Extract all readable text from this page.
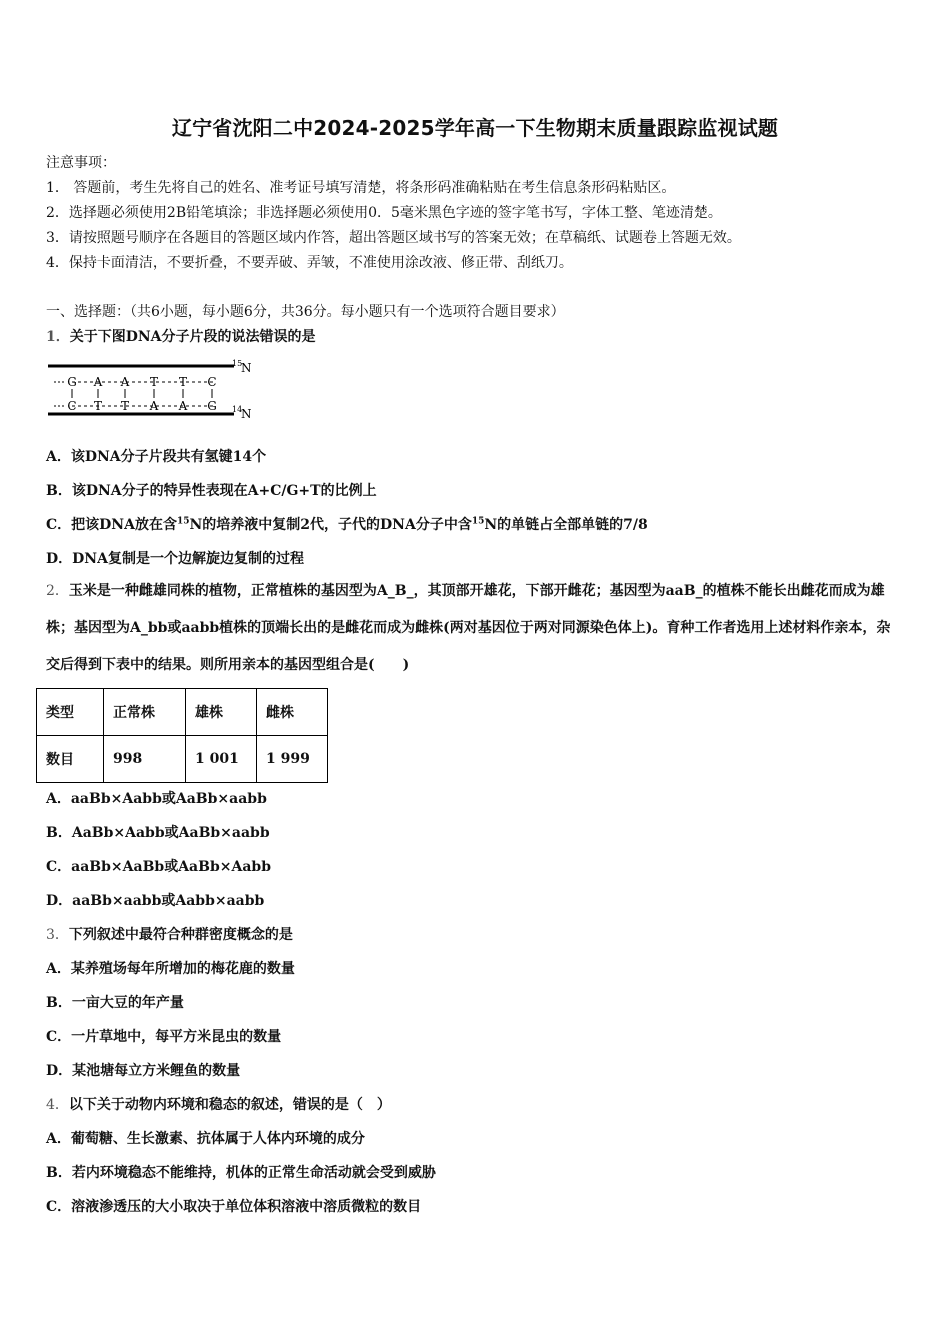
辽宁省沈阳二中2024-2025学年高一下生物期末质量跟踪监视试题
注意事项：
1． 答题前，考生先将自己的姓名、准考证号填写清楚，将条形码准确粘贴在考生信息条形码粘贴区。
2．选择题必须使用2B铅笔填涂；非选择题必须使用0．5毫米黑色字迹的签字笔书写，字体工整、笔迹清楚。
3．请按照题号顺序在各题目的答题区域内作答，超出答题区域书写的答案无效；在草稿纸、试题卷上答题无效。
4．保持卡面清洁，不要折叠，不要弄破、弄皱，不准使用涂改液、修正带、刮纸刀。
一、选择题：（共6小题，每小题6分，共36分。每小题只有一个选项符合题目要求）
1．关于下图DNA分子片段的说法错误的是
G A A T T C
C T T A A G
15
N
14
N
A．该DNA分子片段共有氢键14个
B．该DNA分子的特异性表现在A+C/G+T的比例上
C．把该DNA放在含$^{15}$N的培养液中复制2代，子代的DNA分子中含$^{15}$N的单链占全部单链的7/8
D．DNA复制是一个边解旋边复制的过程
2．玉米是一种雌雄同株的植物，正常植株的基因型为A_B_，其顶部开雄花，下部开雌花；基因型为aaB_的植株不能长出雌花而成为雄株；基因型为A_bb或aabb植株的顶端长出的是雌花而成为雌株(两对基因位于两对同源染色体上)。育种工作者选用上述材料作亲本，杂交后得到下表中的结果。则所用亲本的基因型组合是(　　)
类型	正常株	雄株	雌株
数目	998	1 001	1 999
A．aaBb×Aabb或AaBb×aabb
B．AaBb×Aabb或AaBb×aabb
C．aaBb×AaBb或AaBb×Aabb
D．aaBb×aabb或Aabb×aabb
3．下列叙述中最符合种群密度概念的是
A．某养殖场每年所增加的梅花鹿的数量
B．一亩大豆的年产量
C．一片草地中，每平方米昆虫的数量
D．某池塘每立方米鲤鱼的数量
4．以下关于动物内环境和稳态的叙述，错误的是（　）
A．葡萄糖、生长激素、抗体属于人体内环境的成分
B．若内环境稳态不能维持，机体的正常生命活动就会受到威胁
C．溶液渗透压的大小取决于单位体积溶液中溶质微粒的数目
